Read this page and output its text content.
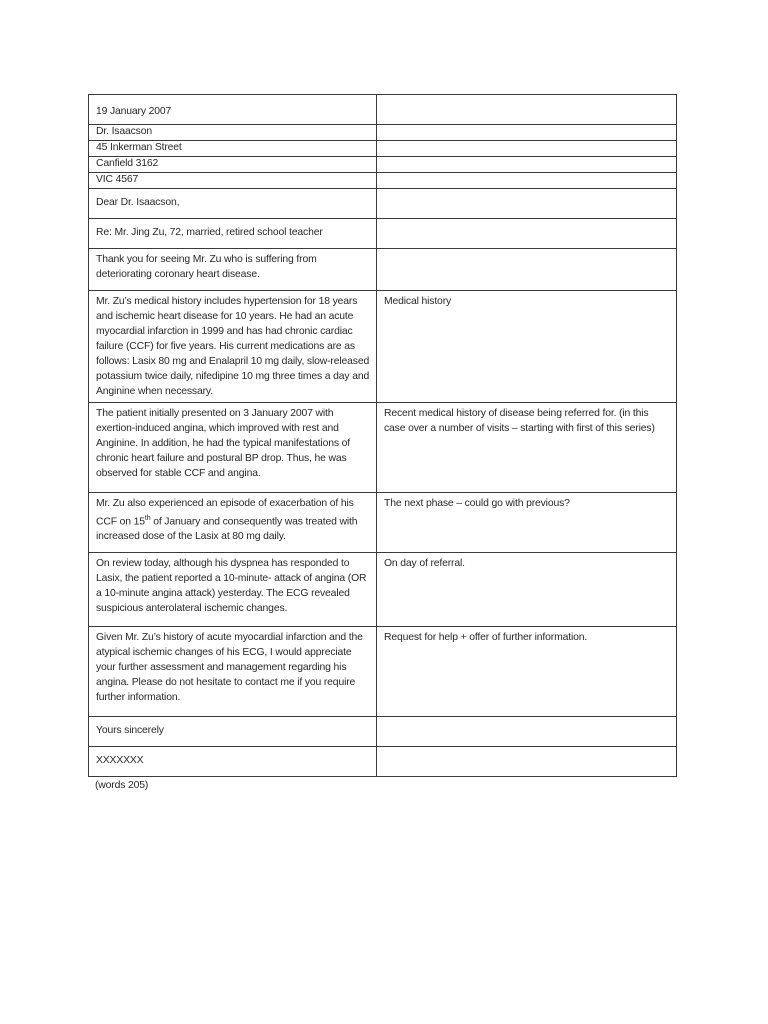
19 January 2007	
Dr. Isaacson	
45 Inkerman Street	
Canfield 3162	
VIC 4567	
Dear Dr. Isaacson,	
Re: Mr. Jing Zu, 72, married, retired school teacher	
Thank you for seeing Mr. Zu who is suffering from deteriorating coronary heart disease.	
Mr. Zu’s medical history includes hypertension for 18 years and ischemic heart disease for 10 years. He had an acute myocardial infarction in 1999 and has had chronic cardiac failure (CCF) for five years. His current medications are as follows: Lasix 80 mg and Enalapril 10 mg daily, slow-released potassium twice daily, nifedipine 10 mg three times a day and Anginine when necessary.	Medical history
The patient initially presented on 3 January 2007 with exertion-induced angina, which improved with rest and Anginine. In addition, he had the typical manifestations of chronic heart failure and postural BP drop. Thus, he was observed for stable CCF and angina.	Recent medical history of disease being referred for. (in this case over a number of visits – starting with first of this series)
Mr. Zu also experienced an episode of exacerbation of his CCF on 15th of January and consequently was treated with increased dose of the Lasix at 80 mg daily.	The next phase – could go with previous?
On review today, although his dyspnea has responded to Lasix, the patient reported a 10-minute- attack of angina (OR a 10-minute angina attack) yesterday. The ECG revealed suspicious anterolateral ischemic changes.	On day of referral.
Given Mr. Zu’s history of acute myocardial infarction and the atypical ischemic changes of his ECG, I would appreciate your further assessment and management regarding his angina. Please do not hesitate to contact me if you require further information.	Request for help + offer of further information.
Yours sincerely	
XXXXXXX	
(words 205)
